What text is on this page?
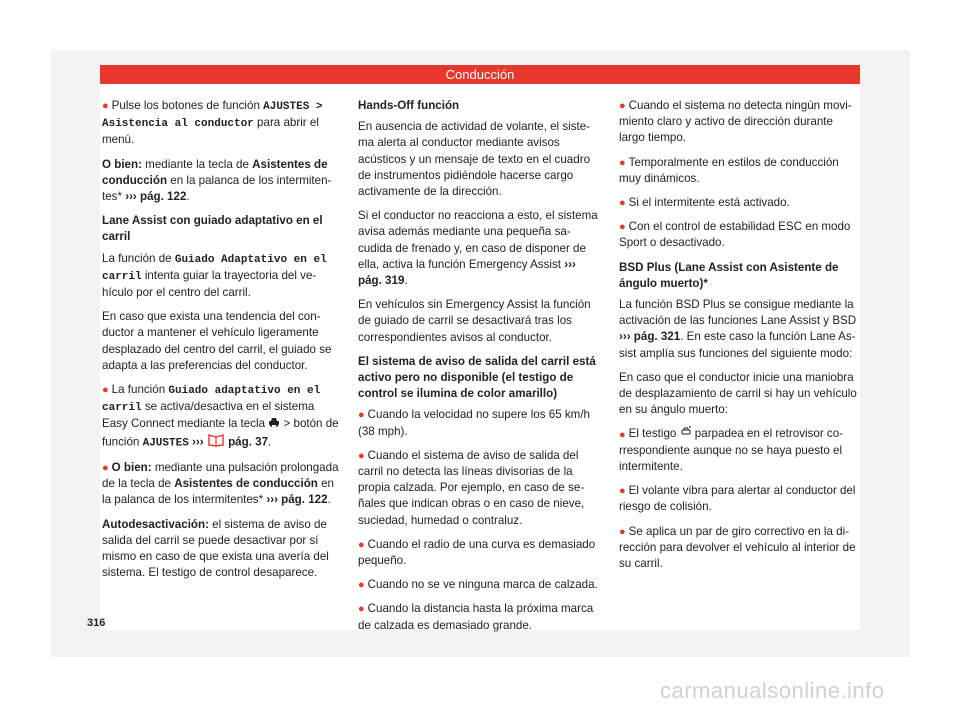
Conducción

● Pulse los botones de función AJUSTES > Asistencia al conductor para abrir el menú.

O bien: mediante la tecla de Asistentes de conducción en la palanca de los intermitentes* ››› pág. 122.

Lane Assist con guiado adaptativo en el carril

La función de Guiado Adaptativo en el carril intenta guiar la trayectoria del vehículo por el centro del carril.

En caso que exista una tendencia del conductor a mantener el vehículo ligeramente desplazado del centro del carril, el guiado se adapta a las preferencias del conductor.

● La función Guiado adaptativo en el carril se activa/desactiva en el sistema Easy Connect mediante la tecla  > botón de función AJUSTES ›››  pág. 37.

● O bien: mediante una pulsación prolongada de la tecla de Asistentes de conducción en la palanca de los intermitentes* ››› pág. 122.

Autodesactivación: el sistema de aviso de salida del carril se puede desactivar por sí mismo en caso de que exista una avería del sistema. El testigo de control desaparece.

Hands-Off función

En ausencia de actividad de volante, el sistema alerta al conductor mediante avisos acústicos y un mensaje de texto en el cuadro de instrumentos pidiéndole hacerse cargo activamente de la dirección.

Si el conductor no reacciona a esto, el sistema avisa además mediante una pequeña sacudida de frenado y, en caso de disponer de ella, activa la función Emergency Assist ››› pág. 319.

En vehículos sin Emergency Assist la función de guiado de carril se desactivará tras los correspondientes avisos al conductor.

El sistema de aviso de salida del carril está activo pero no disponible (el testigo de control se ilumina de color amarillo)

● Cuando la velocidad no supere los 65 km/h (38 mph).

● Cuando el sistema de aviso de salida del carril no detecta las líneas divisorias de la propia calzada. Por ejemplo, en caso de señales que indican obras o en caso de nieve, suciedad, humedad o contraluz.

● Cuando el radio de una curva es demasiado pequeño.

● Cuando no se ve ninguna marca de calzada.

● Cuando la distancia hasta la próxima marca de calzada es demasiado grande.

● Cuando el sistema no detecta ningún movimiento claro y activo de dirección durante largo tiempo.

● Temporalmente en estilos de conducción muy dinámicos.

● Si el intermitente está activado.

● Con el control de estabilidad ESC en modo Sport o desactivado.

BSD Plus (Lane Assist con Asistente de ángulo muerto)*

La función BSD Plus se consigue mediante la activación de las funciones Lane Assist y BSD ››› pág. 321. En este caso la función Lane Assist amplía sus funciones del siguiente modo:

En caso que el conductor inicie una maniobra de desplazamiento de carril si hay un vehículo en su ángulo muerto:

● El testigo  parpadea en el retrovisor correspondiente aunque no se haya puesto el intermitente.

● El volante vibra para alertar al conductor del riesgo de colisión.

● Se aplica un par de giro correctivo en la dirección para devolver el vehículo al interior de su carril.

316
carmanualsonline.info
